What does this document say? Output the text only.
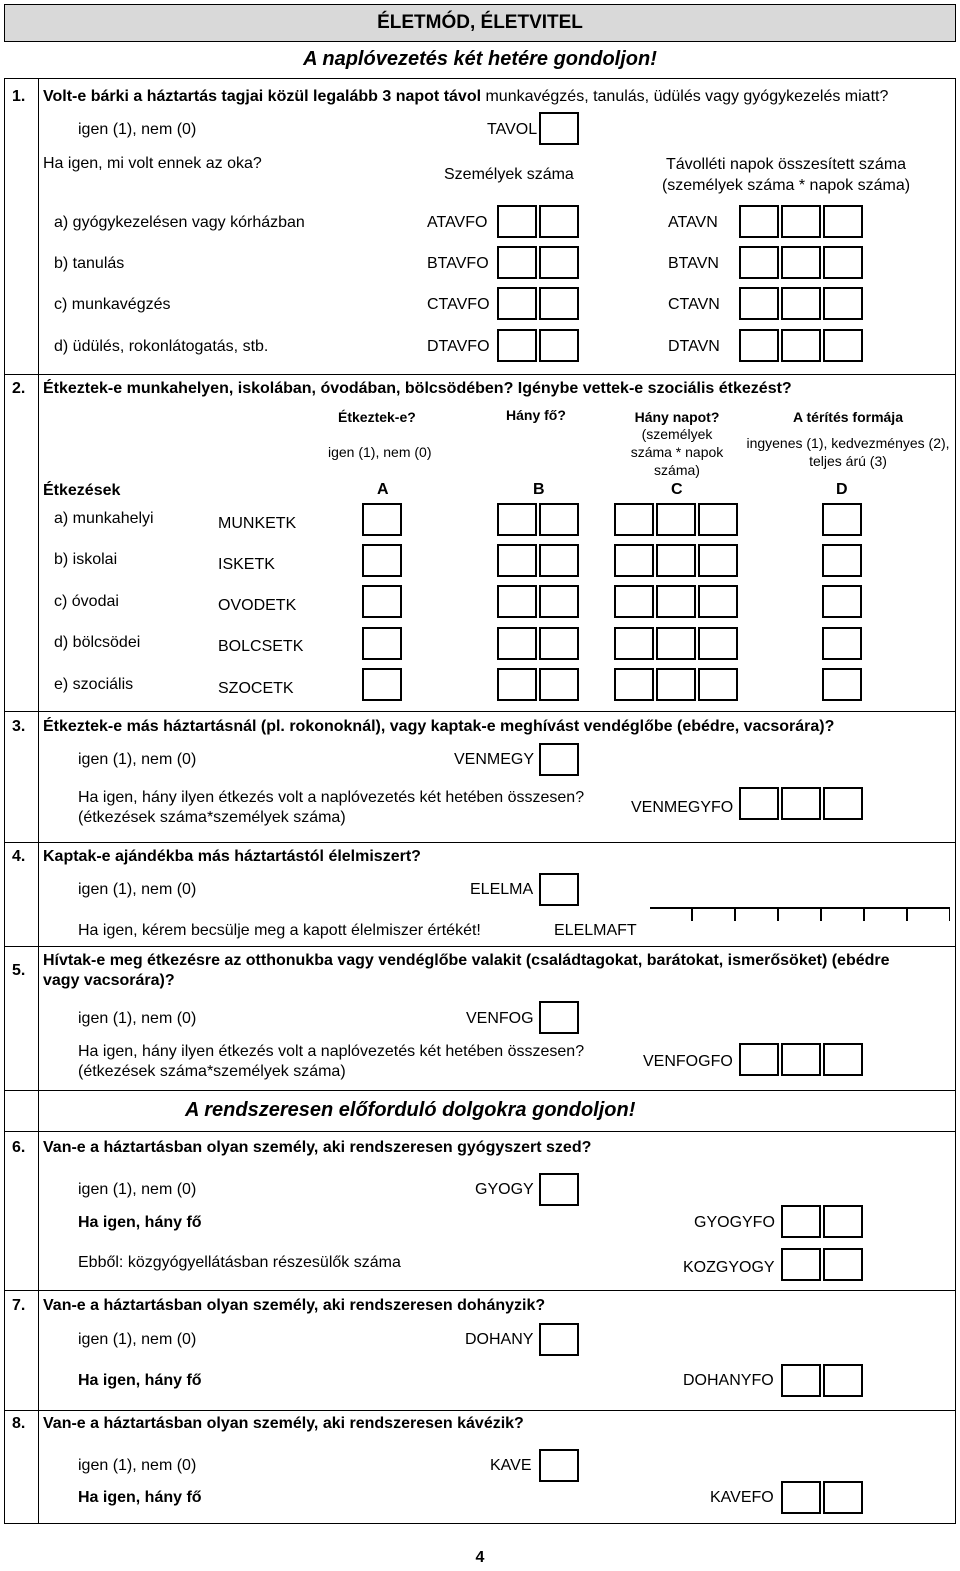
ÉLETMÓD, ÉLETVITEL
A naplóvezetés két hetére gondoljon!
1. Volt-e bárki a háztartás tagjai közül legalább 3 napot távol munkavégzés, tanulás, üdülés vagy gyógykezelés miatt?
igen (1), nem (0)	TAVOL
Ha igen, mi volt ennek az oka?
Személyek száma
Távolléti napok összesített száma
(személyek száma * napok száma)
a) gyógykezelésen vagy kórházban	ATAVFO	ATAVN
b) tanulás	BTAVFO	BTAVN
c) munkavégzés	CTAVFO	CTAVN
d) üdülés, rokonlátogatás, stb.	DTAVFO	DTAVN
2. Étkeztek-e munkahelyen, iskolában, óvodában, bölcsödében? Igénybe vettek-e szociális étkezést?
Étkeztek-e?
igen (1), nem (0)
Hány fő?	Hány napot?
(személyek
száma * napok
száma)
A térítés formája
ingyenes (1), kedvezményes (2),
teljes árú (3)
Étkezések	A	B	C	D
a) munkahelyi	MUNKETK
b) iskolai	ISKETK
c) óvodai	OVODETK
d) bölcsödei	BOLCSETK
e) szociális	SZOCETK
3. Étkeztek-e más háztartásnál (pl. rokonoknál), vagy kaptak-e meghívást vendéglőbe (ebédre, vacsorára)?
igen (1), nem (0)	VENMEGY
Ha igen, hány ilyen étkezés volt a naplóvezetés két hetében összesen?
(étkezések száma*személyek száma)
VENMEGYFO
4. Kaptak-e ajándékba más háztartástól élelmiszert?
igen (1), nem (0)	ELELMA
Ha igen, kérem becsülje meg a kapott élelmiszer értékét!	ELELMAFT
5.
Hívtak-e meg étkezésre az otthonukba vagy vendéglőbe valakit (családtagokat, barátokat, ismerősöket) (ebédre
vagy vacsorára)?
igen (1), nem (0)	VENFOG
Ha igen, hány ilyen étkezés volt a naplóvezetés két hetében összesen?
(étkezések száma*személyek száma)
VENFOGFO
A rendszeresen előforduló dolgokra gondoljon!
6. Van-e a háztartásban olyan személy, aki rendszeresen gyógyszert szed?
igen (1), nem (0)	GYOGY
Ha igen, hány fő	GYOGYFO
Ebből: közgyógyellátásban részesülők száma	KOZGYOGY
7. Van-e a háztartásban olyan személy, aki rendszeresen dohányzik?
igen (1), nem (0)	DOHANY
Ha igen, hány fő	DOHANYFO
8. Van-e a háztartásban olyan személy, aki rendszeresen kávézik?
igen (1), nem (0)	KAVE
Ha igen, hány fő	KAVEFO
4
